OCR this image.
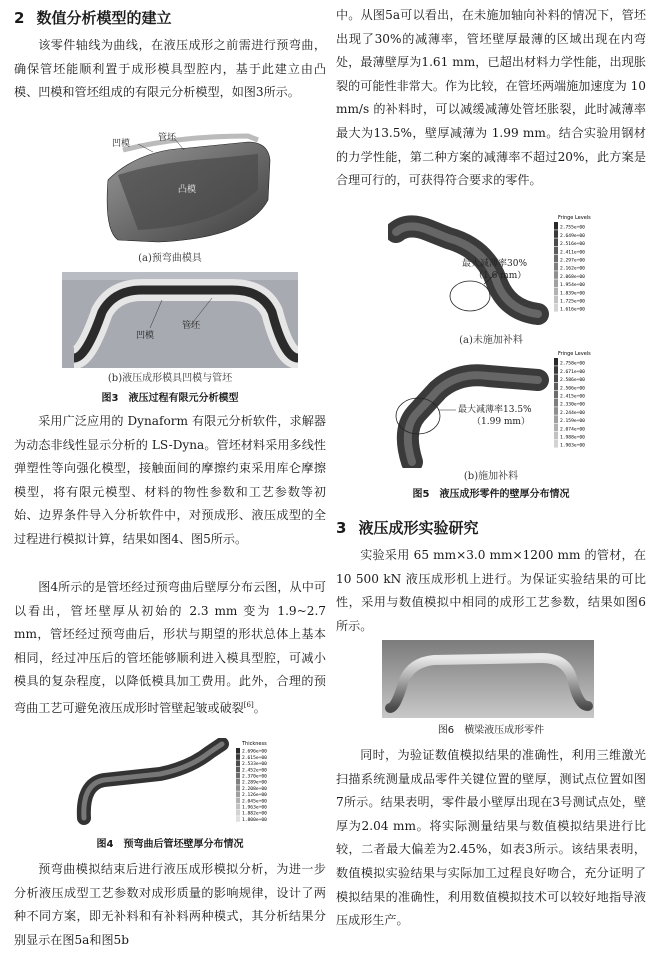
2 数值分析模型的建立

该零件轴线为曲线，在液压成形之前需进行预弯曲，确保管坯能顺利置于成形模具型腔内，基于此建立由凸模、凹模和管坯组成的有限元分析模型，如图3所示。

凹模
管坯
凸模
(a)预弯曲模具
凹模
管坯
(b)液压成形模具凹模与管坯
图3 液压过程有限元分析模型

采用广泛应用的 Dynaform 有限元分析软件，求解器为动态非线性显示分析的 LS-Dyna。管坯材料采用多线性弹塑性等向强化模型，接触面间的摩擦约束采用库仑摩擦模型，将有限元模型、材料的物性参数和工艺参数等初始、边界条件导入分析软件中，对预成形、液压成型的全过程进行模拟计算，结果如图4、图5所示。

图4所示的是管坯经过预弯曲后壁厚分布云图，从中可以看出，管坯壁厚从初始的 2.3 mm 变为 1.9~2.7 mm，管坯经过预弯曲后，形状与期望的形状总体上基本相同，经过冲压后的管坯能够顺利进入模具型腔，可减小模具的复杂程度，以降低模具加工费用。此外，合理的预弯曲工艺可避免液压成形时管壁起皱或破裂[6]。

Thickness
2.696e+00
2.615e+00
2.533e+00
2.452e+00
2.370e+00
2.289e+00
2.208e+00
2.126e+00
2.045e+00
1.963e+00
1.882e+00
1.800e+00
图4 预弯曲后管坯壁厚分布情况

预弯曲模拟结束后进行液压成形模拟分析，为进一步分析液压成型工艺参数对成形质量的影响规律，设计了两种不同方案，即无补料和有补料两种模式，其分析结果分别显示在图5a和图5b

中。从图5a可以看出，在未施加轴向补料的情况下，管坯出现了30%的减薄率，管坯壁厚最薄的区域出现在内弯处，最薄壁厚为1.61 mm，已超出材料力学性能，出现胀裂的可能性非常大。作为比较，在管坯两端施加速度为 10 mm/s 的补料时，可以减缓减薄处管坯胀裂，此时减薄率最大为13.5%，壁厚减薄为 1.99 mm。结合实验用钢材的力学性能，第二种方案的减薄率不超过20%，此方案是合理可行的，可获得符合要求的零件。

最大减薄率30%
（1.6 mm）
Fringe Levels
2.755e+00
2.649e+00
2.516e+00
2.411e+00
2.297e+00
2.162e+00
2.068e+00
1.954e+00
1.839e+00
1.725e+00
1.616e+00
(a)未施加补料
最大减薄率13.5%
（1.99 mm）
Fringe Levels
2.758e+00
2.671e+00
2.586e+00
2.506e+00
2.415e+00
2.330e+00
2.244e+00
2.159e+00
2.074e+00
1.988e+00
1.903e+00
(b)施加补料
图5 液压成形零件的壁厚分布情况
3 液压成形实验研究

实验采用 65 mm×3.0 mm×1200 mm 的管材，在 10 500 kN 液压成形机上进行。为保证实验结果的可比性，采用与数值模拟中相同的成形工艺参数，结果如图6所示。

图6 横梁液压成形零件

同时，为验证数值模拟结果的准确性，利用三维激光扫描系统测量成品零件关键位置的壁厚，测试点位置如图7所示。结果表明，零件最小壁厚出现在3号测试点处，壁厚为2.04 mm。将实际测量结果与数值模拟结果进行比较，二者最大偏差为2.45%，如表3所示。该结果表明，数值模拟实验结果与实际加工过程良好吻合，充分证明了模拟结果的准确性，利用数值模拟技术可以较好地指导液压成形生产。
